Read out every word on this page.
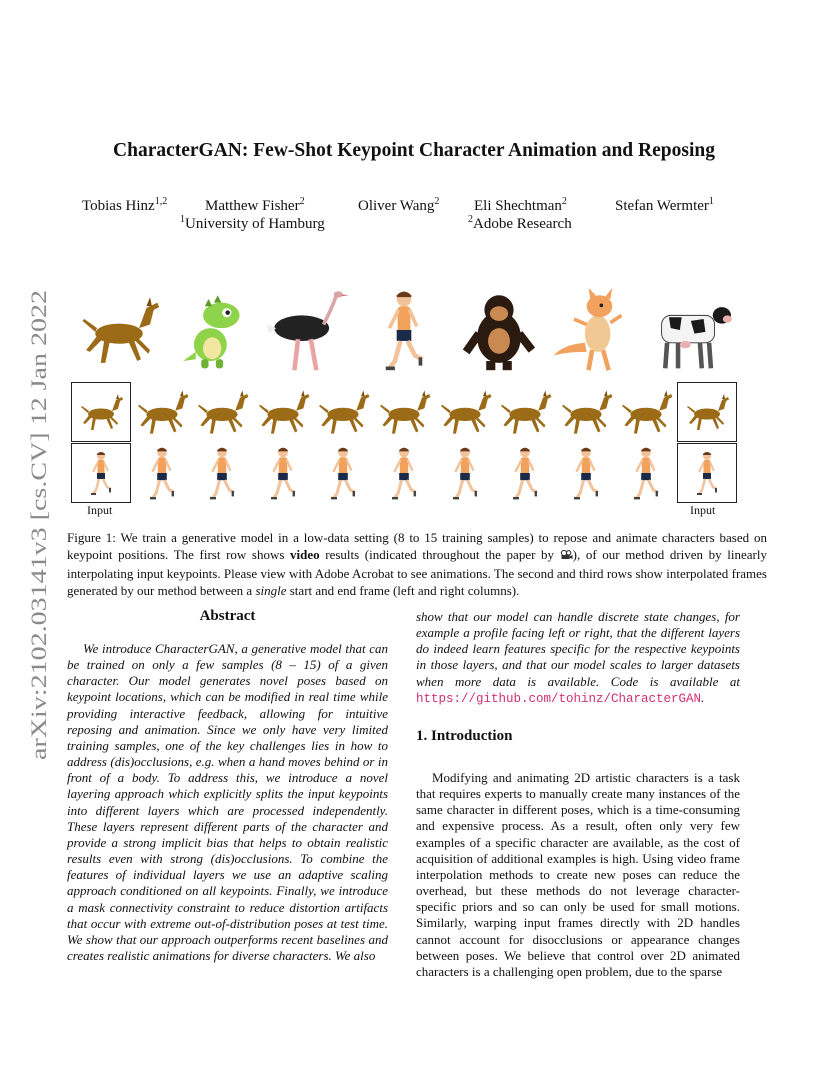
arXiv:2102.03141v3 [cs.CV] 12 Jan 2022
CharacterGAN: Few-Shot Keypoint Character Animation and Reposing
Tobias Hinz$^{1,2}$	Matthew Fisher$^2$	Oliver Wang$^2$ Eli Shechtman$^2$	Stefan Wermter$^1$
$^1$University of Hamburg	$^2$Adobe Research
Input	Input

Figure 1: We train a generative model in a low-data setting (8 to 15 training samples) to repose and animate characters based on keypoint positions. The first row shows video results (indicated throughout the paper by ), of our method driven by linearly interpolating input keypoints. Please view with Adobe Acrobat to see animations. The second and third rows show interpolated frames generated by our method between a single start and end frame (left and right columns).

Abstract

We introduce CharacterGAN, a generative model that can be trained on only a few samples (8 – 15) of a given character. Our model generates novel poses based on keypoint locations, which can be modified in real time while providing interactive feedback, allowing for intuitive reposing and animation. Since we only have very limited training samples, one of the key challenges lies in how to address (dis)occlusions, e.g. when a hand moves behind or in front of a body. To address this, we introduce a novel layering approach which explicitly splits the input keypoints into different layers which are processed independently. These layers represent different parts of the character and provide a strong implicit bias that helps to obtain realistic results even with strong (dis)occlusions. To combine the features of individual layers we use an adaptive scaling approach conditioned on all keypoints. Finally, we introduce a mask connectivity constraint to reduce distortion artifacts that occur with extreme out-of-distribution poses at test time. We show that our approach outperforms recent baselines and creates realistic animations for diverse characters. We also

show that our model can handle discrete state changes, for example a profile facing left or right, that the different layers do indeed learn features specific for the respective keypoints in those layers, and that our model scales to larger datasets when more data is available. Code is available at https://github.com/tohinz/CharacterGAN.

1. Introduction

Modifying and animating 2D artistic characters is a task that requires experts to manually create many instances of the same character in different poses, which is a time-consuming and expensive process. As a result, often only very few examples of a specific character are available, as the cost of acquisition of additional examples is high. Using video frame interpolation methods to create new poses can reduce the overhead, but these methods do not leverage character-specific priors and so can only be used for small motions. Similarly, warping input frames directly with 2D handles cannot account for disocclusions or appearance changes between poses. We believe that control over 2D animated characters is a challenging open problem, due to the sparse
